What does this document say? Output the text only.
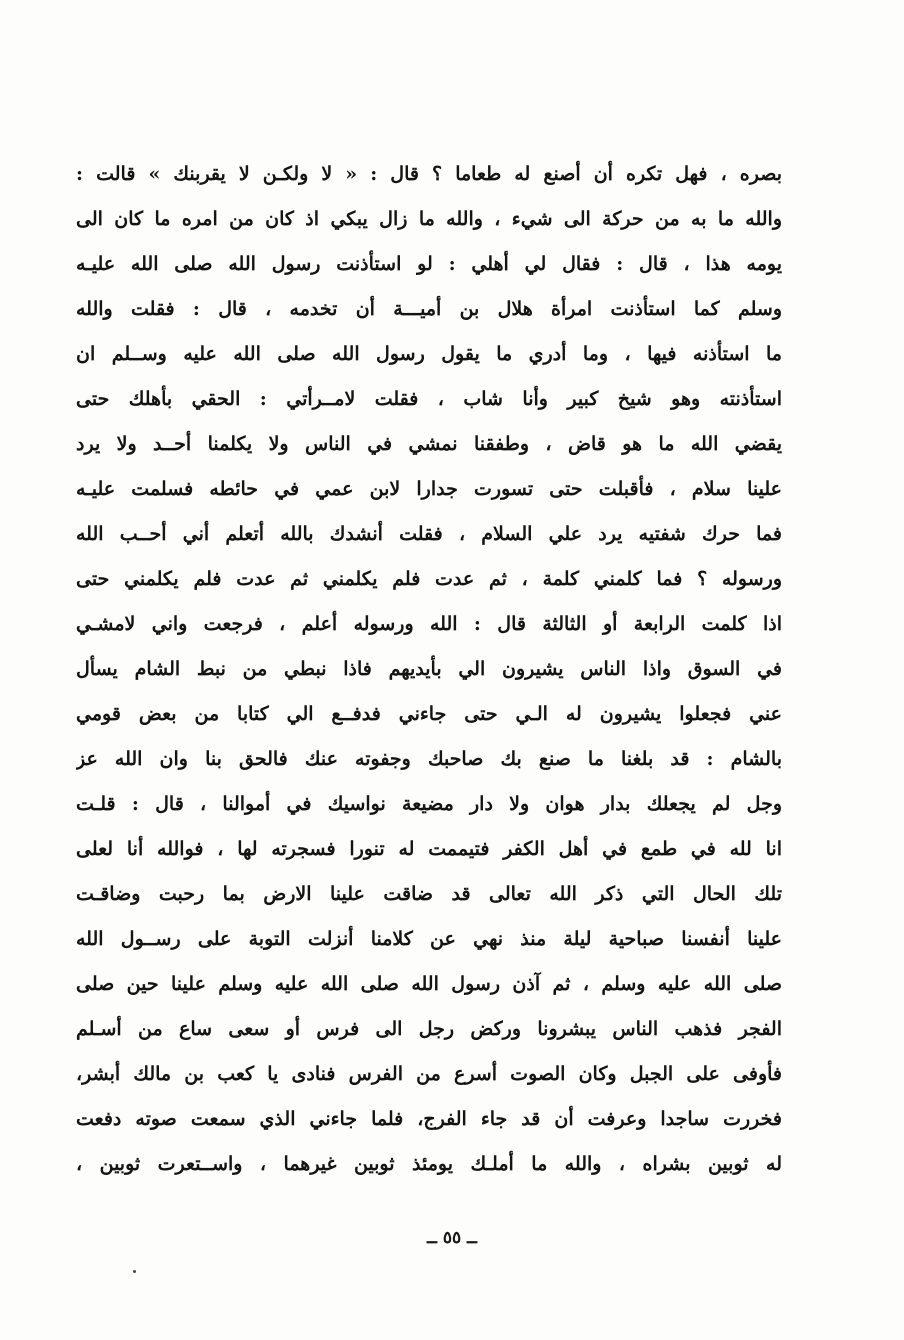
بصره ، فهل تكره أن أصنع له طعاما ؟ قال : « لا ولكـن لا يقربنك » قالت :
والله ما به من حركة الى شيء ، والله ما زال يبكي اذ كان من امره ما كان الى
يومه هذا ، قال : فقال لي أهلي : لو استأذنت رسول الله صلى الله عليـه
وسلم كما استأذنت امرأة هلال بن أميـــة أن تخدمه ، قال : فقلت والله
ما استأذنه فيها ، وما أدري ما يقول رسول الله صلى الله عليه وســلم ان
استأذنته وهو شيخ كبير وأنا شاب ، فقلت لامــرأتي : الحقي بأهلك حتى
يقضي الله ما هو قاض ، وطفقنا نمشي في الناس ولا يكلمنا أحــد ولا يرد
علينا سلام ، فأقبلت حتى تسورت جدارا لابن عمي في حائطه فسلمت عليـه
فما حرك شفتيه يرد علي السلام ، فقلت أنشدك بالله أتعلم أني أحــب الله
ورسوله ؟ فما كلمني كلمة ، ثم عدت فلم يكلمني ثم عدت فلم يكلمني حتى
اذا كلمت الرابعة أو الثالثة قال : الله ورسوله أعلم ، فرجعت واني لامشـي
في السوق واذا الناس يشيرون الي بأيديهم فاذا نبطي من نبط الشام يسأل
عني فجعلوا يشيرون له الـي حتى جاءني فدفــع الي كتابا من بعض قومي
بالشام : قد بلغنا ما صنع بك صاحبك وجفوته عنك فالحق بنا وان الله عز
وجل لم يجعلك بدار هوان ولا دار مضيعة نواسيك في أموالنا ، قال : قلـت
انا لله في طمع في أهل الكفر فتيممت له تنورا فسجرته لها ، فوالله أنا لعلى
تلك الحال التي ذكر الله تعالى قد ضاقت علينا الارض بما رحبت وضاقـت
علينا أنفسنا صباحية ليلة منذ نهي عن كلامنا أنزلت التوبة على رســول الله
صلى الله عليه وسلم ، ثم آذن رسول الله صلى الله عليه وسلم علينا حين صلى
الفجر فذهب الناس يبشرونا وركض رجل الى فرس أو سعى ساع من أسـلم
فأوفى على الجبل وكان الصوت أسرع من الفرس فنادى يا كعب بن مالك أبشر،
فخررت ساجدا وعرفت أن قد جاء الفرج، فلما جاءني الذي سمعت صوته دفعت
له ثوبين بشراه ، والله ما أملـك يومئذ ثوبين غيرهما ، واســتعرت ثوبين ،
ــ ٥٥ ــ
